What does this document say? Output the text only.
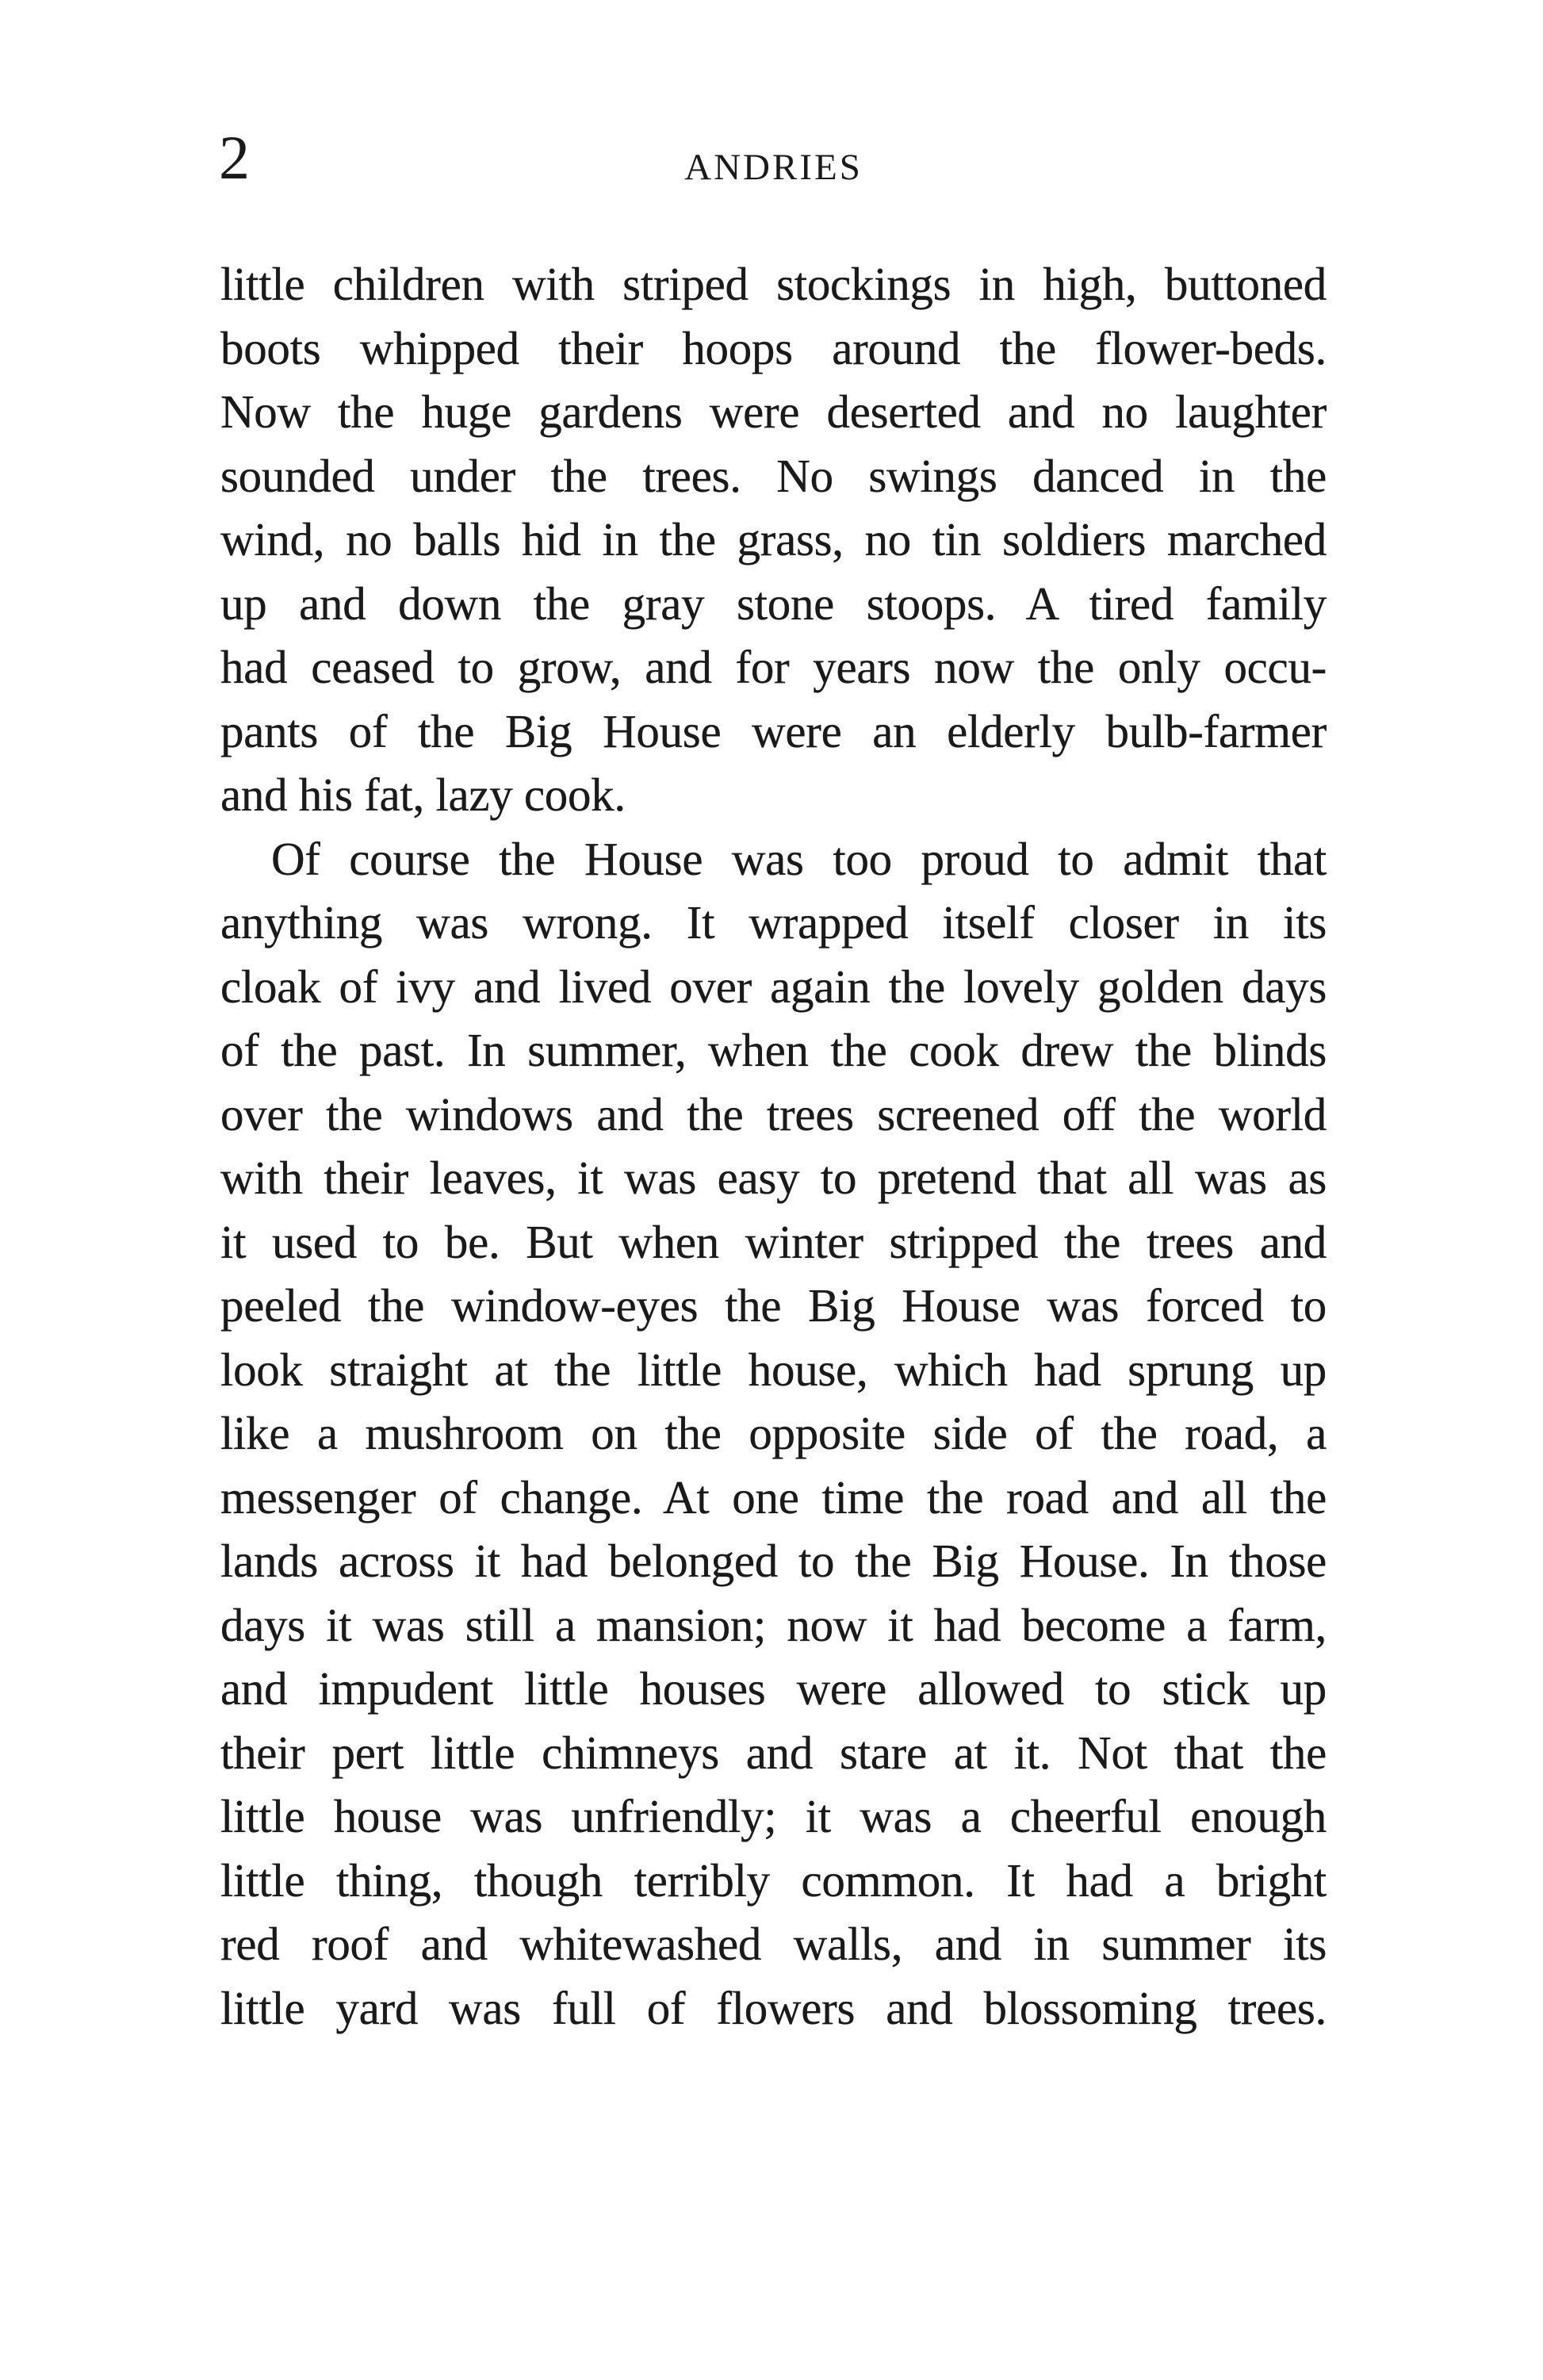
2	ANDRIES
little children with striped stockings in high, buttoned
boots whipped their hoops around the flower-beds.
Now the huge gardens were deserted and no laughter
sounded under the trees. No swings danced in the
wind, no balls hid in the grass, no tin soldiers marched
up and down the gray stone stoops. A tired family
had ceased to grow, and for years now the only occu-
pants of the Big House were an elderly bulb-farmer
and his fat, lazy cook.
Of course the House was too proud to admit that
anything was wrong. It wrapped itself closer in its
cloak of ivy and lived over again the lovely golden days
of the past. In summer, when the cook drew the blinds
over the windows and the trees screened off the world
with their leaves, it was easy to pretend that all was as
it used to be. But when winter stripped the trees and
peeled the window-eyes the Big House was forced to
look straight at the little house, which had sprung up
like a mushroom on the opposite side of the road, a
messenger of change. At one time the road and all the
lands across it had belonged to the Big House. In those
days it was still a mansion; now it had become a farm,
and impudent little houses were allowed to stick up
their pert little chimneys and stare at it. Not that the
little house was unfriendly; it was a cheerful enough
little thing, though terribly common. It had a bright
red roof and whitewashed walls, and in summer its
little yard was full of flowers and blossoming trees.
